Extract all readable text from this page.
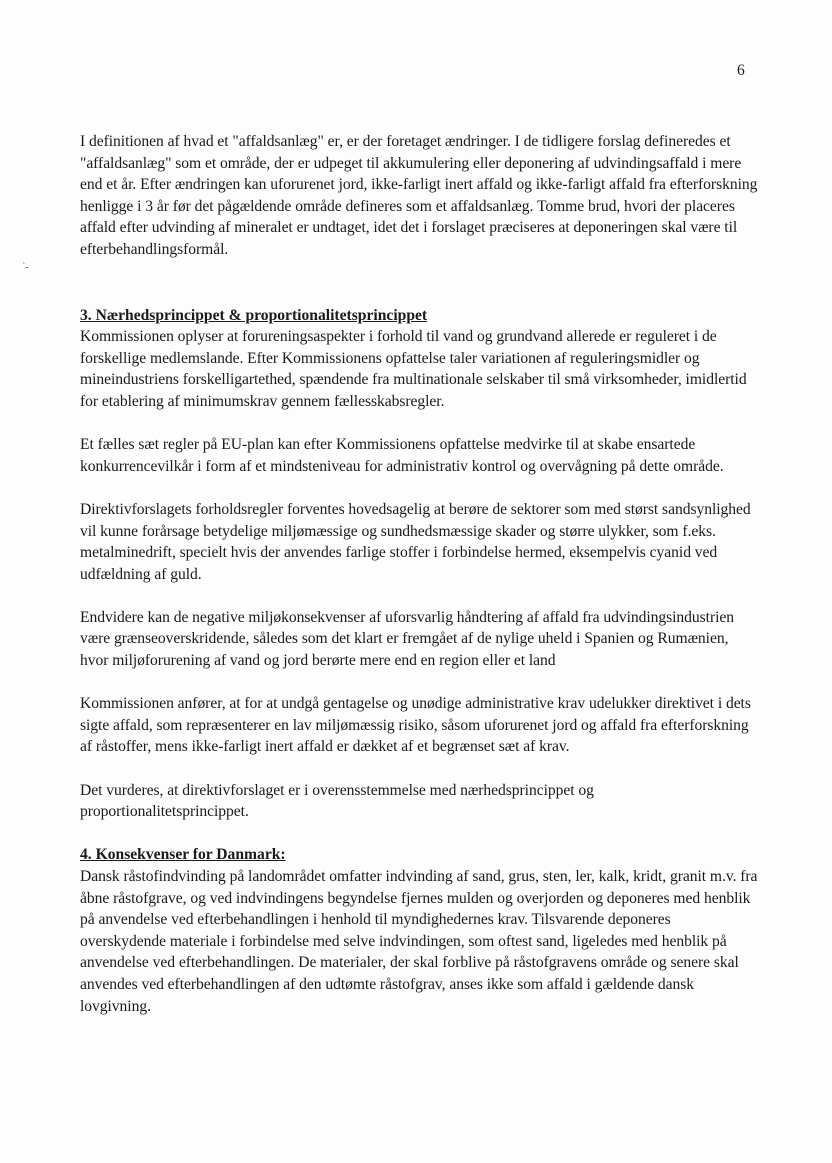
6
`-

I definitionen af hvad et "affaldsanlæg" er, er der foretaget ændringer. I de tidligere forslag defineredes et "affaldsanlæg" som et område, der er udpeget til akkumulering eller deponering af udvindingsaffald i mere end et år. Efter ændringen kan uforurenet jord, ikke-farligt inert affald og ikke-farligt affald fra efterforskning henligge i 3 år før det pågældende område defineres som et affaldsanlæg. Tomme brud, hvori der placeres affald efter udvinding af mineralet er undtaget, idet det i forslaget præciseres at deponeringen skal være til efterbehandlingsformål.

3. Nærhedsprincippet & proportionalitetsprincippet

Kommissionen oplyser at forureningsaspekter i forhold til vand og grundvand allerede er reguleret i de forskellige medlemslande. Efter Kommissionens opfattelse taler variationen af reguleringsmidler og mineindustriens forskelligartethed, spændende fra multinationale selskaber til små virksomheder, imidlertid for etablering af minimumskrav gennem fællesskabsregler.

Et fælles sæt regler på EU-plan kan efter Kommissionens opfattelse medvirke til at skabe ensartede konkurrencevilkår i form af et mindsteniveau for administrativ kontrol og overvågning på dette område.

Direktivforslagets forholdsregler forventes hovedsagelig at berøre de sektorer som med størst sandsynlighed vil kunne forårsage betydelige miljømæssige og sundhedsmæssige skader og større ulykker, som f.eks. metalminedrift, specielt hvis der anvendes farlige stoffer i forbindelse hermed, eksempelvis cyanid ved udfældning af guld.

Endvidere kan de negative miljøkonsekvenser af uforsvarlig håndtering af affald fra udvindingsindustrien være grænseoverskridende, således som det klart er fremgået af de nylige uheld i Spanien og Rumænien, hvor miljøforurening af vand og jord berørte mere end en region eller et land

Kommissionen anfører, at for at undgå gentagelse og unødige administrative krav udelukker direktivet i dets sigte affald, som repræsenterer en lav miljømæssig risiko, såsom uforurenet jord og affald fra efterforskning af råstoffer, mens ikke-farligt inert affald er dækket af et begrænset sæt af krav.

Det vurderes, at direktivforslaget er i overensstemmelse med nærhedsprincippet og proportionalitetsprincippet.

4. Konsekvenser for Danmark:

Dansk råstofindvinding på landområdet omfatter indvinding af sand, grus, sten, ler, kalk, kridt, granit m.v. fra åbne råstofgrave, og ved indvindingens begyndelse fjernes mulden og overjorden og deponeres med henblik på anvendelse ved efterbehandlingen i henhold til myndighedernes krav. Tilsvarende deponeres overskydende materiale i forbindelse med selve indvindingen, som oftest sand, ligeledes med henblik på anvendelse ved efterbehandlingen. De materialer, der skal forblive på råstofgravens område og senere skal anvendes ved efterbehandlingen af den udtømte råstofgrav, anses ikke som affald i gældende dansk lovgivning.
